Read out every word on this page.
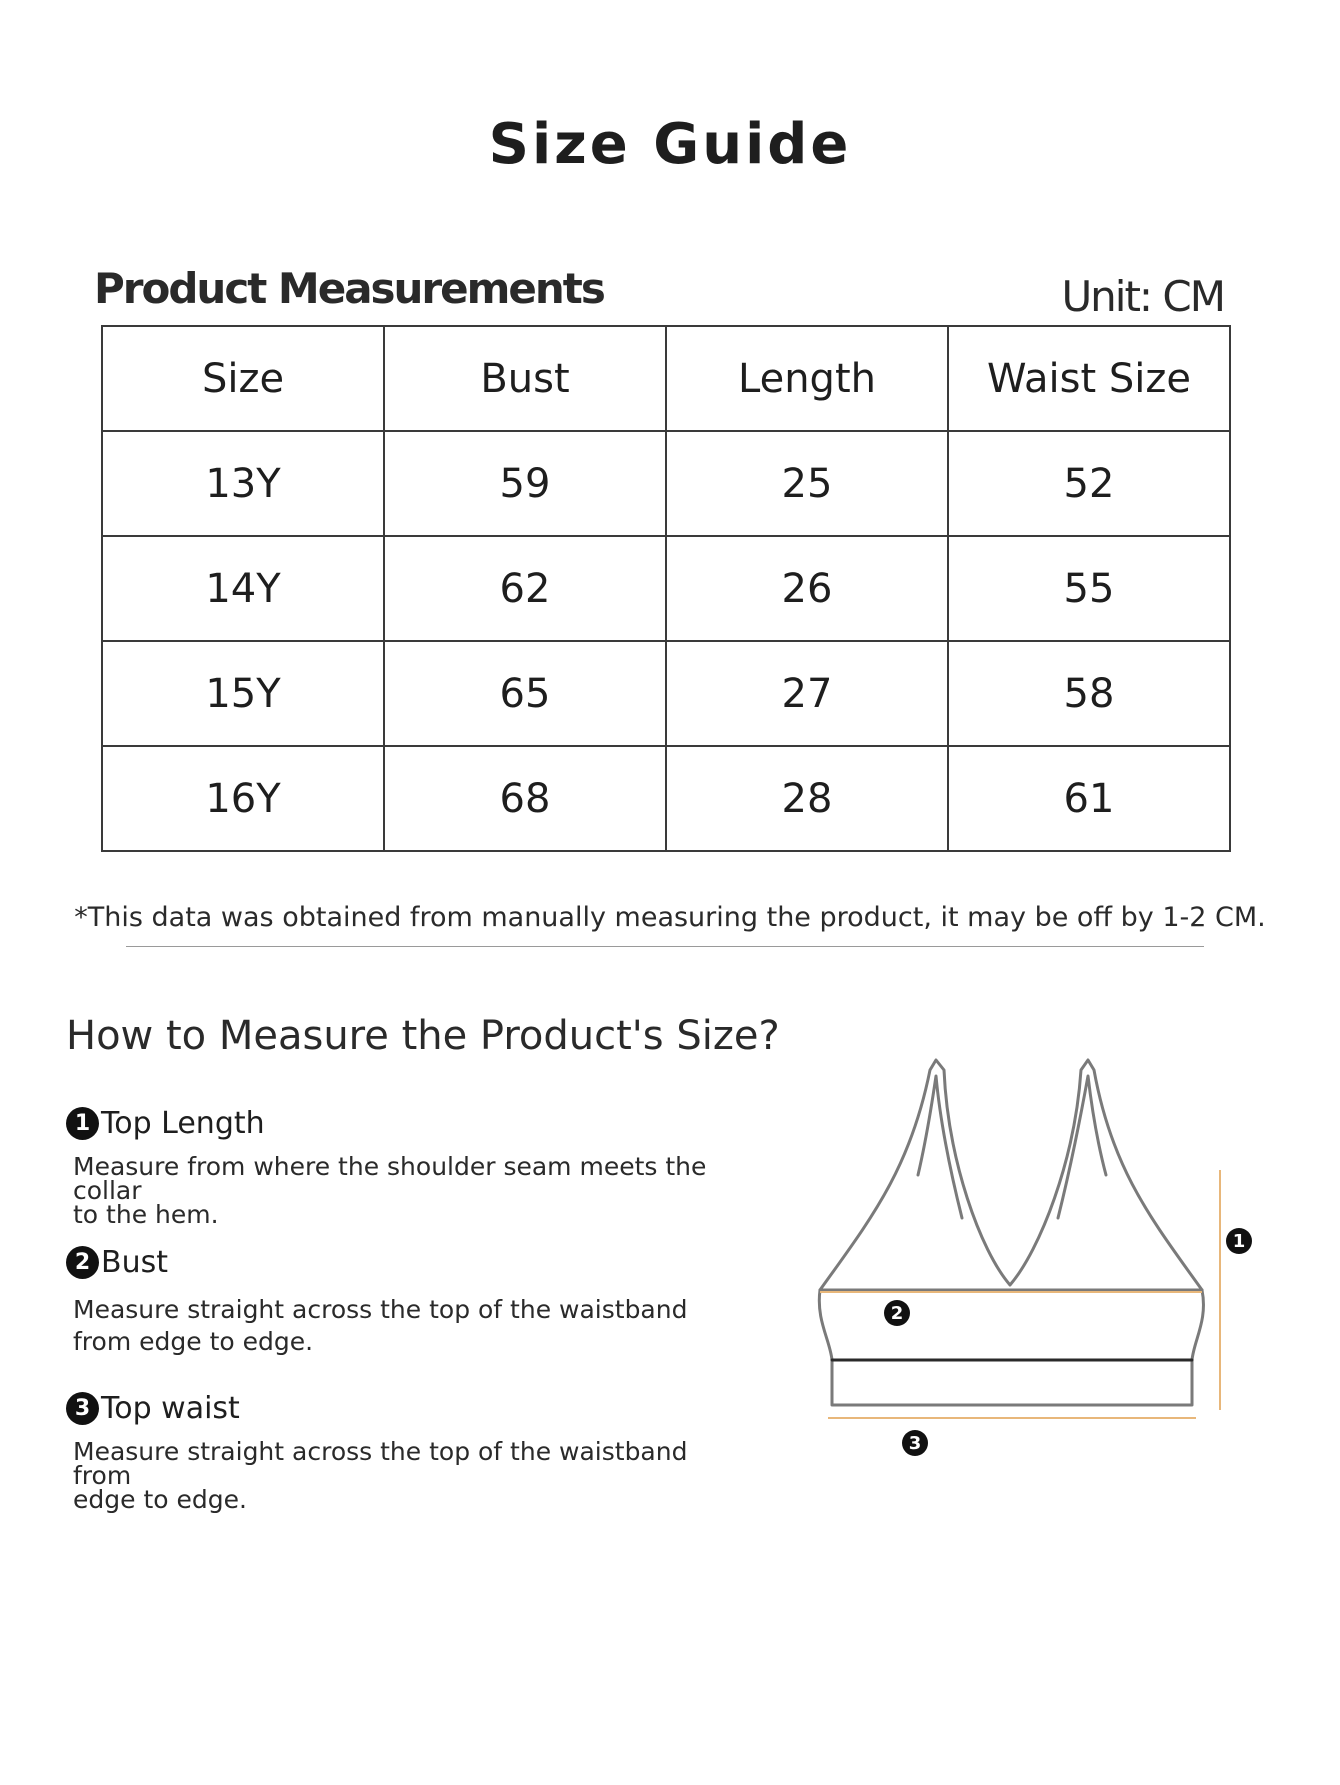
Size Guide
Product Measurements	Unit: CM
Size	Bust	Length	Waist Size
13Y	59	25	52
14Y	62	26	55
15Y	65	27	58
16Y	68	28	61
*This data was obtained from manually measuring the product, it may be off by 1-2 CM.
How to Measure the Product's Size?
1 Top Length
Measure from where the shoulder seam meets the collar
to the hem.
2 Bust
Measure straight across the top of the waistband
from edge to edge.
3 Top waist
Measure straight across the top of the waistband from
edge to edge.
1
2
3
